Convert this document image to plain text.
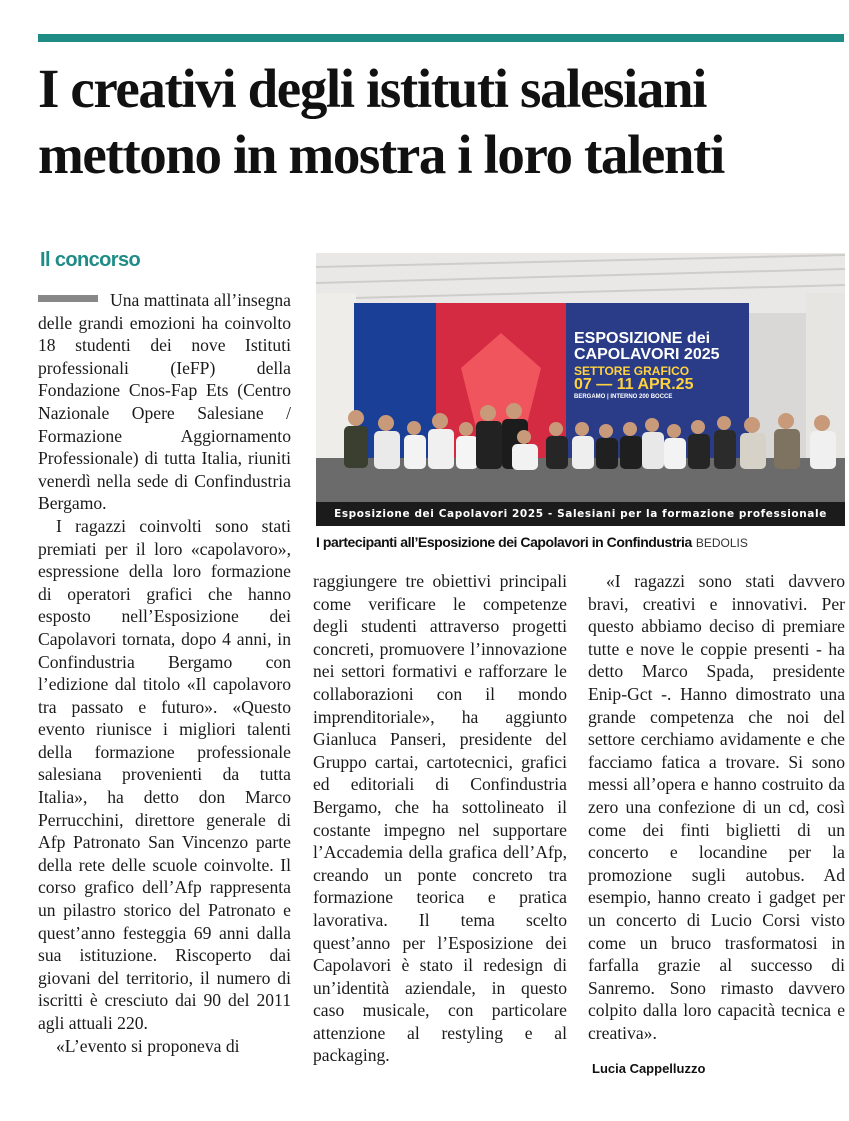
I creativi degli istituti salesiani
mettono in mostra i loro talenti
Il concorso

Una mattinata all’insegna delle grandi emozioni ha coinvolto 18 studenti dei nove Istituti professionali (IeFP) della Fondazione Cnos-Fap Ets (Centro Nazionale Opere Salesiane / Formazione Aggiornamento Professionale) di tutta Italia, riuniti venerdì nella sede di Confindustria Bergamo.

I ragazzi coinvolti sono stati premiati per il loro «capolavoro», espressione della loro formazione di operatori grafici che hanno esposto nell’Esposizione dei Capolavori tornata, dopo 4 anni, in Confindustria Bergamo con l’edizione dal titolo «Il capolavoro tra passato e futuro». «Questo evento riunisce i migliori talenti della formazione professionale salesiana provenienti da tutta Italia», ha detto don Marco Perrucchini, direttore generale di Afp Patronato San Vincenzo parte della rete delle scuole coinvolte. Il corso grafico dell’Afp rappresenta un pilastro storico del Patronato e quest’anno festeggia 69 anni dalla sua istituzione. Riscoperto dai giovani del territorio, il numero di iscritti è cresciuto dai 90 del 2011 agli attuali 220.

«L’evento si proponeva di

ESPOSIZIONE dei
CAPOLAVORI 2025
SETTORE GRAFICO
07 — 11 APR.25
BERGAMO | INTERNO 200 BOCCE
Esposizione dei Capolavori 2025 - Salesiani per la formazione professionale
I partecipanti all’Esposizione dei Capolavori in Confindustria BEDOLIS

raggiungere tre obiettivi principali come verificare le competenze degli studenti attraverso progetti concreti, promuovere l’innovazione nei settori formativi e rafforzare le collaborazioni con il mondo imprenditoriale», ha aggiunto Gianluca Panseri, presidente del Gruppo cartai, cartotecnici, grafici ed editoriali di Confindustria Bergamo, che ha sottolineato il costante impegno nel supportare l’Accademia della grafica dell’Afp, creando un ponte concreto tra formazione teorica e pratica lavorativa. Il tema scelto quest’anno per l’Esposizione dei Capolavori è stato il redesign di un’identità aziendale, in questo caso musicale, con particolare attenzione al restyling e al packaging.

«I ragazzi sono stati davvero bravi, creativi e innovativi. Per questo abbiamo deciso di premiare tutte e nove le coppie presenti - ha detto Marco Spada, presidente Enip-Gct -. Hanno dimostrato una grande competenza che noi del settore cerchiamo avidamente e che facciamo fatica a trovare. Si sono messi all’opera e hanno costruito da zero una confezione di un cd, così come dei finti biglietti di un concerto e locandine per la promozione sugli autobus. Ad esempio, hanno creato i gadget per un concerto di Lucio Corsi visto come un bruco trasformatosi in farfalla grazie al successo di Sanremo. Sono rimasto davvero colpito dalla loro capacità tecnica e creativa».

Lucia Cappelluzzo
